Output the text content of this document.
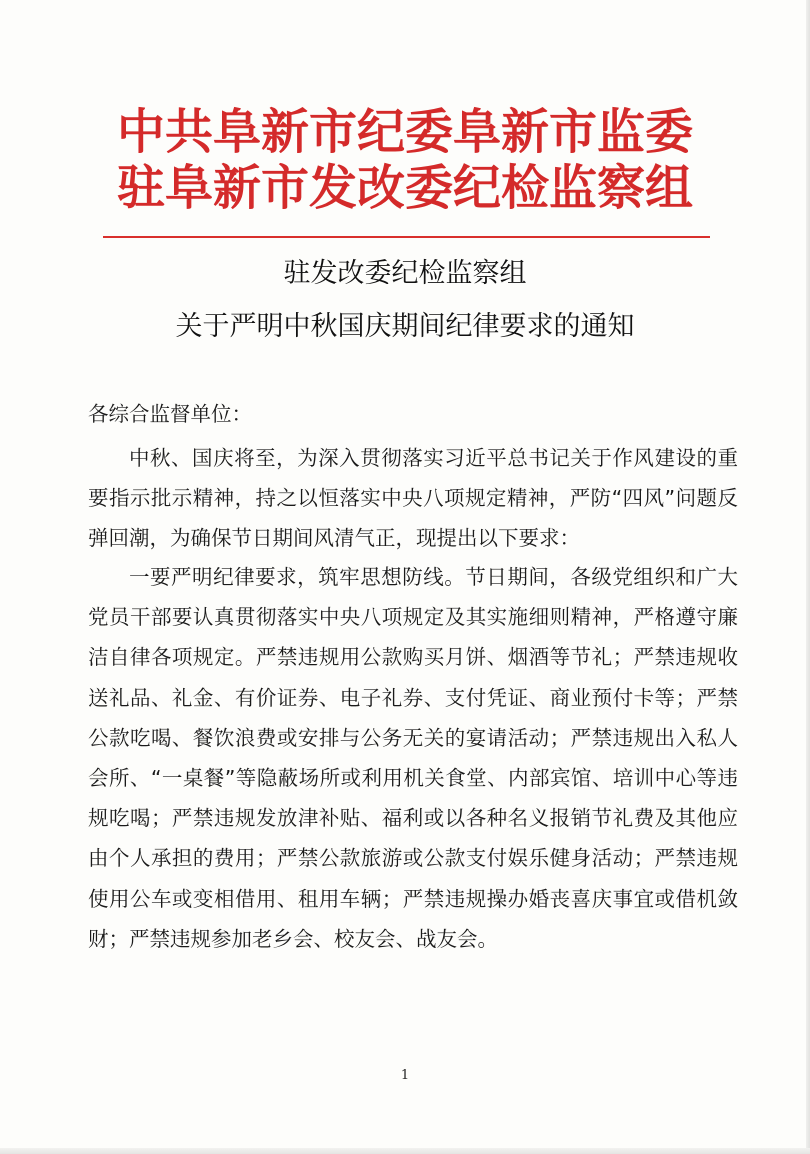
中共阜新市纪委阜新市监委
驻阜新市发改委纪检监察组
驻发改委纪检监察组
关于严明中秋国庆期间纪律要求的通知
各综合监督单位：

中秋、国庆将至，为深入贯彻落实习近平总书记关于作风建设的重要指示批示精神，持之以恒落实中央八项规定精神，严防“四风”问题反弹回潮，为确保节日期间风清气正，现提出以下要求：

一要严明纪律要求，筑牢思想防线。节日期间，各级党组织和广大党员干部要认真贯彻落实中央八项规定及其实施细则精神，严格遵守廉洁自律各项规定。严禁违规用公款购买月饼、烟酒等节礼；严禁违规收送礼品、礼金、有价证券、电子礼券、支付凭证、商业预付卡等；严禁公款吃喝、餐饮浪费或安排与公务无关的宴请活动；严禁违规出入私人会所、“一桌餐”等隐蔽场所或利用机关食堂、内部宾馆、培训中心等违规吃喝；严禁违规发放津补贴、福利或以各种名义报销节礼费及其他应由个人承担的费用；严禁公款旅游或公款支付娱乐健身活动；严禁违规使用公车或变相借用、租用车辆；严禁违规操办婚丧喜庆事宜或借机敛财；严禁违规参加老乡会、校友会、战友会。

1
